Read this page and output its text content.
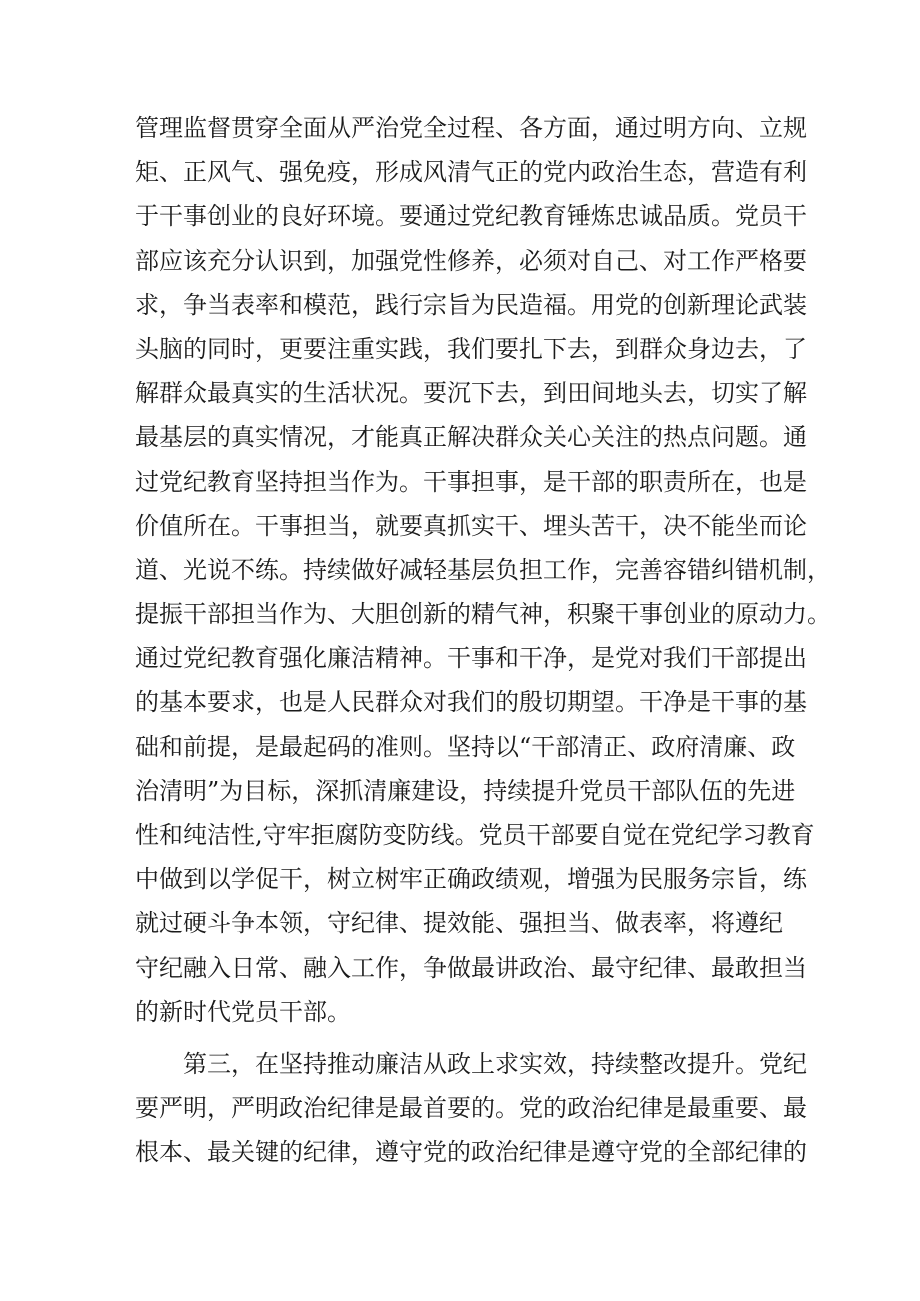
管理监督贯穿全面从严治党全过程、各方面，通过明方向、立规
矩、正风气、强免疫，形成风清气正的党内政治生态，营造有利
于干事创业的良好环境。要通过党纪教育锤炼忠诚品质。党员干
部应该充分认识到，加强党性修养，必须对自己、对工作严格要
求，争当表率和模范，践行宗旨为民造福。用党的创新理论武装
头脑的同时，更要注重实践，我们要扎下去，到群众身边去，了
解群众最真实的生活状况。要沉下去，到田间地头去，切实了解
最基层的真实情况，才能真正解决群众关心关注的热点问题。通
过党纪教育坚持担当作为。干事担事，是干部的职责所在，也是
价值所在。干事担当，就要真抓实干、埋头苦干，决不能坐而论
道、光说不练。持续做好减轻基层负担工作，完善容错纠错机制，
提振干部担当作为、大胆创新的精气神，积聚干事创业的原动力。
通过党纪教育强化廉洁精神。干事和干净，是党对我们干部提出
的基本要求，也是人民群众对我们的殷切期望。干净是干事的基
础和前提，是最起码的准则。坚持以“干部清正、政府清廉、政
治清明”为目标，深抓清廉建设，持续提升党员干部队伍的先进
性和纯洁性,守牢拒腐防变防线。党员干部要自觉在党纪学习教育
中做到以学促干，树立树牢正确政绩观，增强为民服务宗旨，练
就过硬斗争本领，守纪律、提效能、强担当、做表率，将遵纪
守纪融入日常、融入工作，争做最讲政治、最守纪律、最敢担当
的新时代党员干部。
第三，在坚持推动廉洁从政上求实效，持续整改提升。党纪
要严明，严明政治纪律是最首要的。党的政治纪律是最重要、最
根本、最关键的纪律，遵守党的政治纪律是遵守党的全部纪律的
